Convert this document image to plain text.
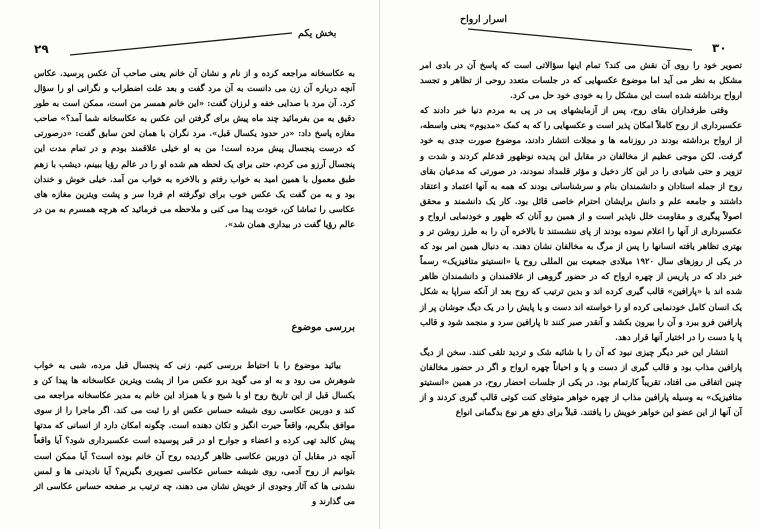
اسرار ارواح
۳۰

تصویر خود را روی آن نقش می کند؟ تمام اینها سؤالاتی است که پاسخ آن در بادی امر مشکل به نظر می آید اما موضوع عکسهایی که در جلسات متعدد روحی از تظاهر و تجسد ارواح برداشته شده است این مشکل را به خودی خود حل می کرد.

وقتی طرفداران بقای روح، پس از آزمایشهای پی در پی به مردم دنیا خبر دادند که عکسبرداری از روح کاملاً امکان پذیر است و عکسهایی را که به کمک «مدیوم» یعنی واسطه، از ارواح برداشته بودند در روزنامه ها و مجلات انتشار دادند، موضوع صورت جدی به خود گرفت. لکن موجی عظیم از مخالفان در مقابل این پدیده نوظهور قدعلم کردند و شدت و تزویر و حتی شیادی را در این کار دخیل و مؤثر قلمداد نمودند، در صورتی که مدعیان بقای روح از جمله استادان و دانشمندان بنام و سرشناسانی بودند که همه به آنها اعتماد و اعتقاد داشتند و جامعه علم و دانش برایشان احترام خاصی قائل بود. کار یک دانشمند و محقق اصولاً پیگیری و مقاومت خلل ناپذیر است و از همین رو آنان که ظهور و خودنمایی ارواح و عکسبرداری از آنها را اعلام نموده بودند از پای ننشستند تا بالاخره آن را به طرز روشن تر و بهتری تظاهر یافته انسانها را پس از مرگ به مخالفان نشان دهند. به دنبال همین امر بود که در یکی از روزهای سال ۱۹۲۰ میلادی جمعیت بین المللی روح یا «انستیتو متافیزیک» رسماً خبر داد که در پاریس از چهره ارواح که در حضور گروهی از علاقمندان و دانشمندان ظاهر شده اند با «پارافین» قالب گیری کرده اند و بدین ترتیب که روح بعد از آنکه سراپا به شکل یک انسان کامل خودنمایی کرده او را خواسته اند دست و یا پایش را در یک دیگ جوشان پر از پارافین فرو ببرد و آن را بیرون بکشد و آنقدر صبر کنند تا پارافین سرد و منجمد شود و قالب پا یا دست را در اختیار آنها قرار دهد.

انتشار این خبر دیگر چیزی نبود که آن را با شائبه شک و تردید تلقی کنند. سخن از دیگ پارافین مذاب بود و قالب گیری از دست و پا و احیاناً چهره ارواح و اگر در حضور مخالفان چنین اتفاقی می افتاد، تقریباً کارتمام بود. در یکی از جلسات احضار روح، در همین «انستیتو متافیزیک» به وسیله پارافین مذاب از چهره خواهر متوفای کنت کوتی قالب گیری کردند و از آن آنها از این عضو این خواهر خویش را یافتند. قبلاً برای دفع هر نوع بدگمانی انواع

بخش یکم
۲۹

به عکاسخانه مراجعه کرده و از نام و نشان آن خانم یعنی صاحب آن عکس پرسید. عکاس آنچه درباره آن زن می دانست به آن مرد گفت و بعد علت اضطراب و نگرانی او را سؤال کرد. آن مرد با صدایی خفه و لرزان گفت: «این خانم همسر من است، ممکن است به طور دقیق به من بفرمائید چند ماه پیش برای گرفتن این عکس به عکاسخانه شما آمد؟» صاحب مغازه پاسخ داد: «در حدود یکسال قبل». مرد نگران با همان لحن سابق گفت: «درصورتی که درست پنجسال پیش مرده است! من به او خیلی علاقمند بودم و در تمام مدت این پنجسال آرزو می کردم، حتی برای یک لحظه هم شده او را در عالم رؤیا ببینم، دیشب با زهم طبق معمول با همین امید به خواب رفتم و بالاخره به خواب من آمد. خیلی خوش و خندان بود و به من گفت یک عکس خوب برای توگرفته ام فردا سر و پشت ویترین مغازه های عکاسی را تماشا کن، خودت پیدا می کنی و ملاحظه می فرمائید که هرچه همسرم به من در عالم رؤیا گفت در بیداری همان شد».

بررسی موضوع

بیائید موضوع را با احتیاط بررسی کنیم. زنی که پنجسال قبل مرده، شبی به خواب شوهرش می رود و به او می گوید برو عکس مرا از پشت ویترین عکاسخانه ها پیدا کن و یکسال قبل از این تاریخ روح او با شبح و یا همزاد این خانم به مدیر عکاسخانه مراجعه می کند و دوربین عکاسی روی شیشه حساس عکس او را ثبت می کند. اگر ماجرا را از سوی موافق بنگریم، واقعاً حیرت انگیز و تکان دهنده است. چگونه امکان دارد از انسانی که مدتها پیش کالبد تهی کرده و اعضاء و جوارح او در قبر پوسیده است عکسبرداری شود؟ آیا واقعاً آنچه در مقابل آن دوربین عکاسی ظاهر گردیده روح آن خانم بوده است؟ آیا ممکن است بتوانیم از روح آدمی، روی شیشه حساس عکاسی تصویری بگیریم؟ آیا نادیدنی ها و لمس نشدنی ها که آثار وجودی از خویش نشان می دهند، چه ترتیب بر صفحه حساس عکاسی اثر می گذارند و
